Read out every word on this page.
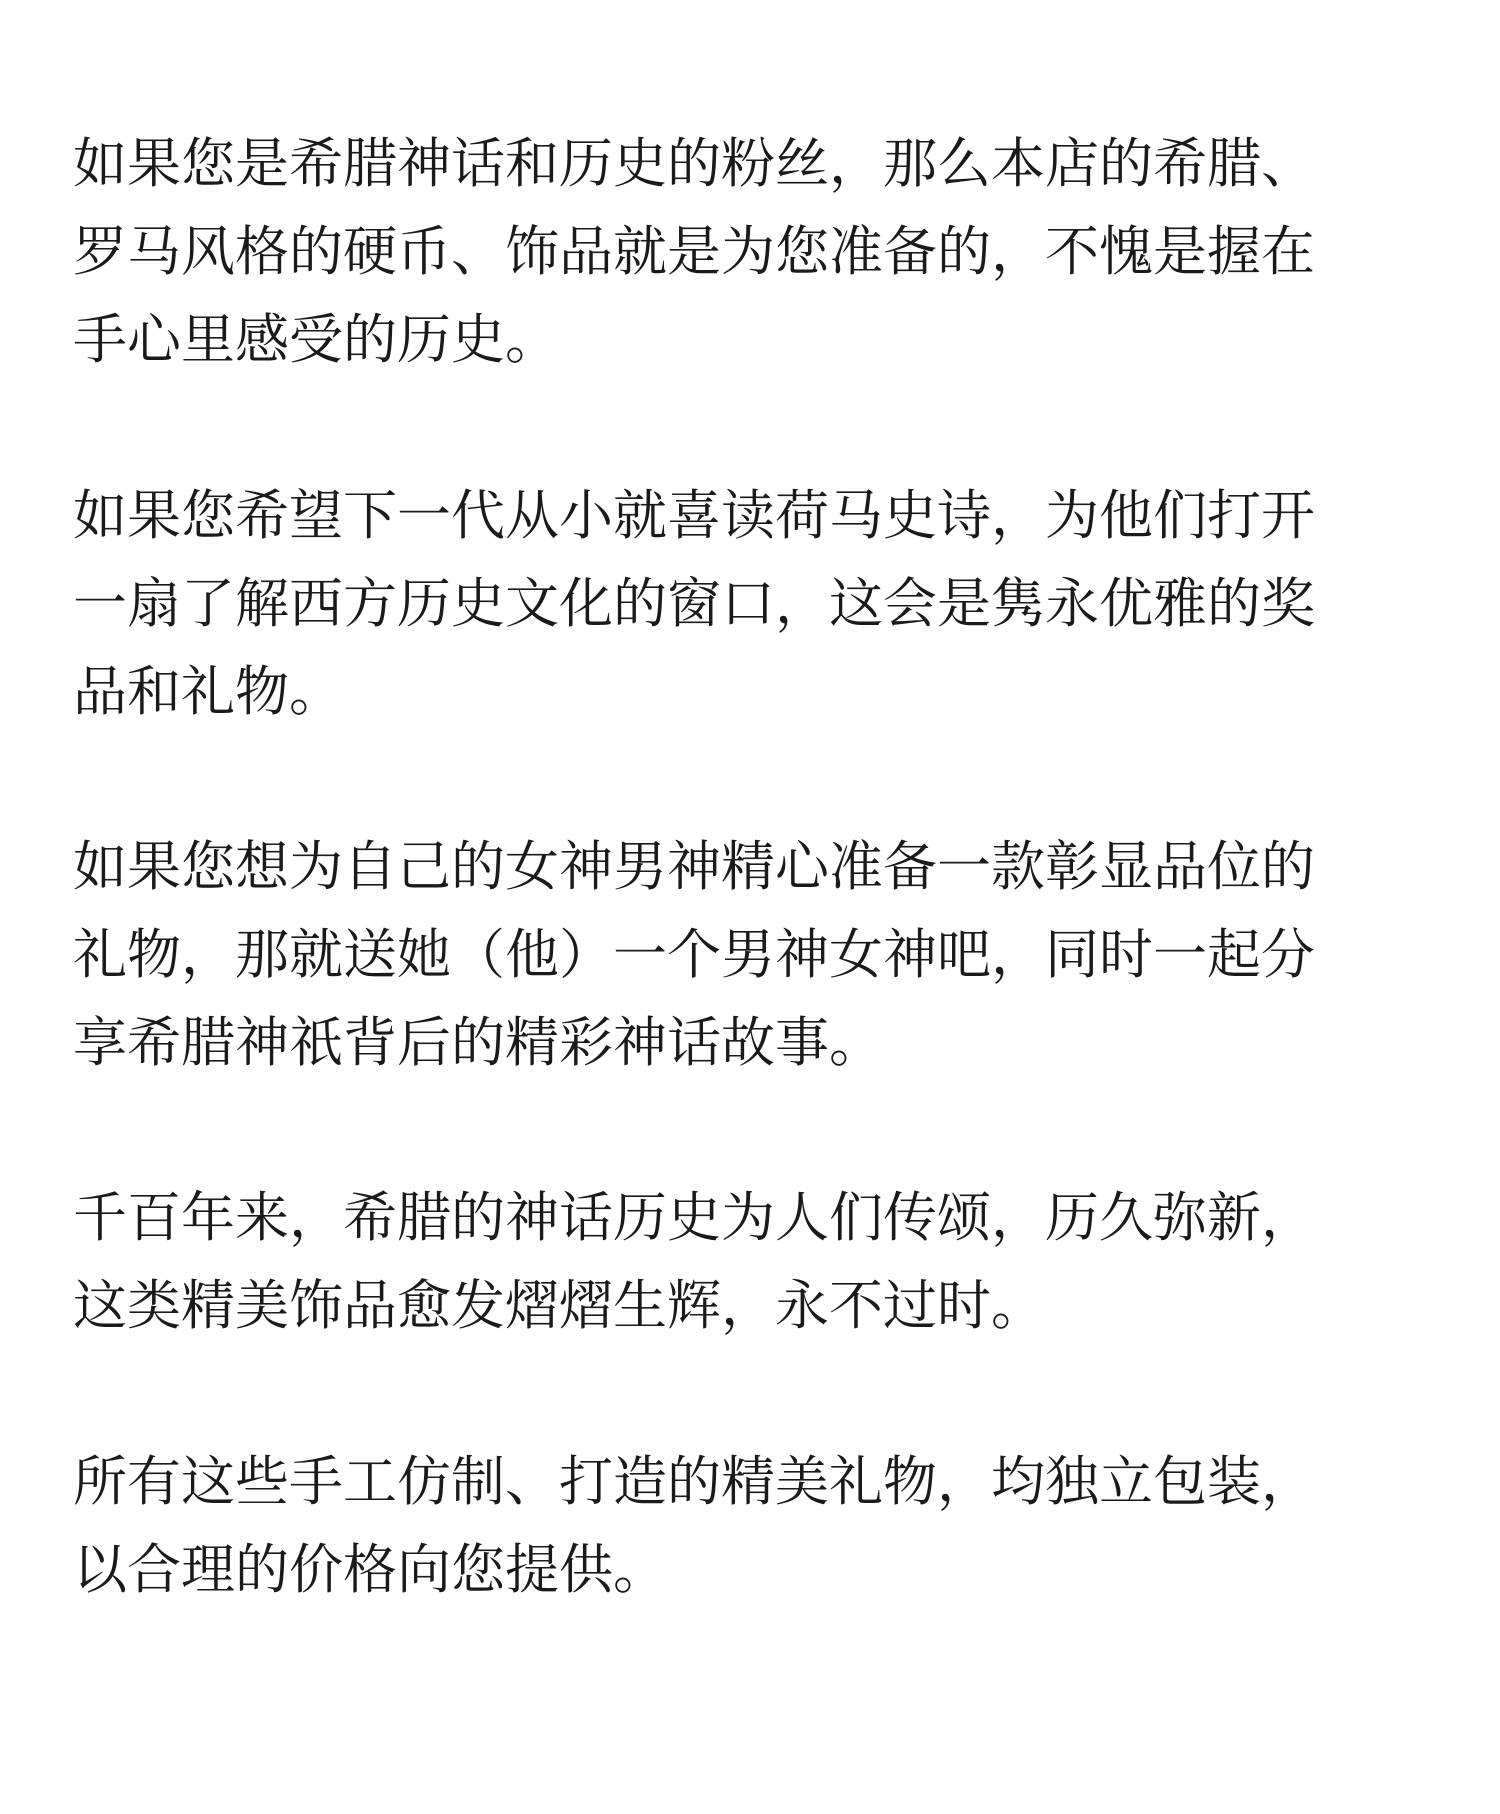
如果您是希腊神话和历史的粉丝，那么本店的希腊、
罗马风格的硬币、饰品就是为您准备的，不愧是握在
手心里感受的历史。

如果您希望下一代从小就喜读荷马史诗，为他们打开
一扇了解西方历史文化的窗口，这会是隽永优雅的奖
品和礼物。

如果您想为自己的女神男神精心准备一款彰显品位的
礼物，那就送她（他）一个男神女神吧，同时一起分
享希腊神祇背后的精彩神话故事。

千百年来，希腊的神话历史为人们传颂，历久弥新，
这类精美饰品愈发熠熠生辉，永不过时。

所有这些手工仿制、打造的精美礼物，均独立包装，
以合理的价格向您提供。
